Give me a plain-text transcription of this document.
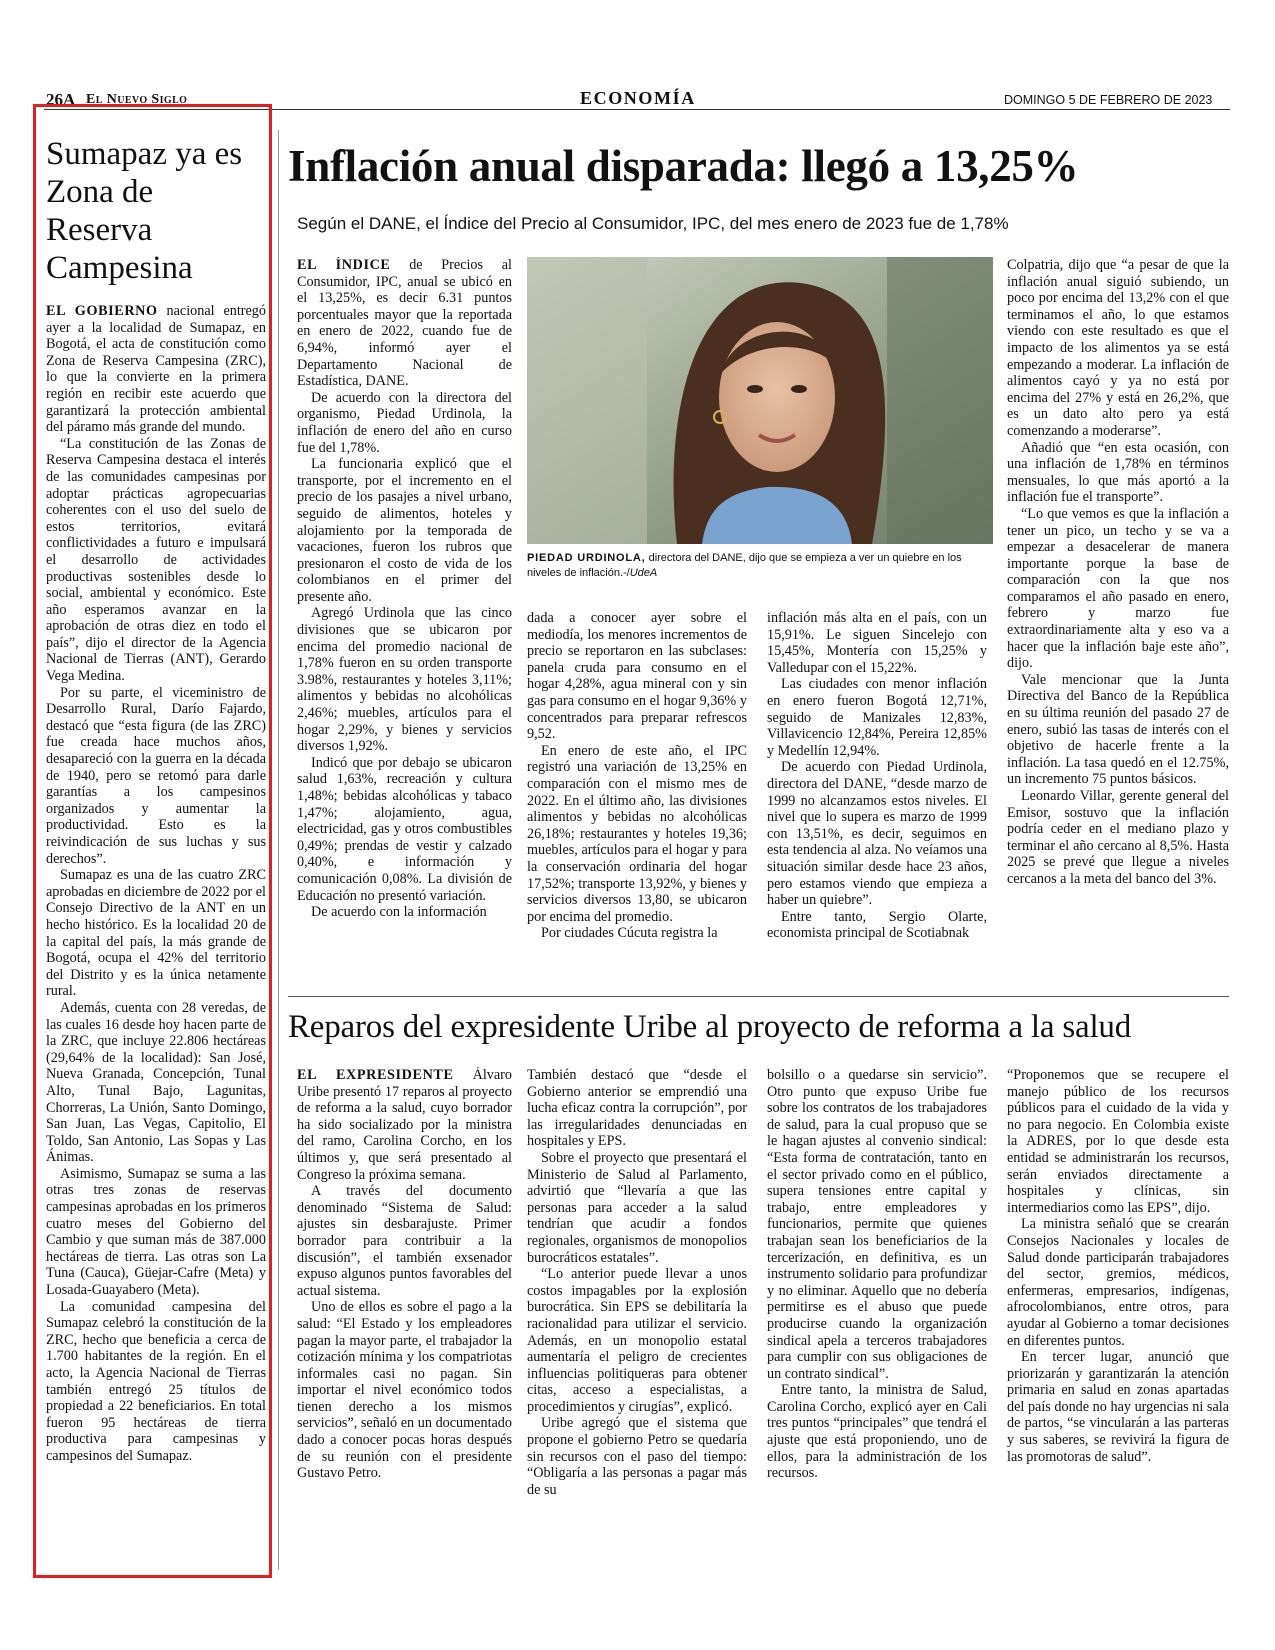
26A El Nuevo Siglo	ECONOMÍA	DOMINGO 5 DE FEBRERO DE 2023
Sumapaz ya es Zona de Reserva Campesina

EL GOBIERNO nacional entregó ayer a la localidad de Sumapaz, en Bogotá, el acta de constitución como Zona de Reserva Campesina (ZRC), lo que la convierte en la primera región en recibir este acuerdo que garantizará la protección ambiental del páramo más grande del mundo.

“La constitución de las Zonas de Reserva Campesina destaca el interés de las comunidades campesinas por adoptar prácticas agropecuarias coherentes con el uso del suelo de estos territorios, evitará conflictividades a futuro e impulsará el desarrollo de actividades productivas sostenibles desde lo social, ambiental y económico. Este año esperamos avanzar en la aprobación de otras diez en todo el país”, dijo el director de la Agencia Nacional de Tierras (ANT), Gerardo Vega Medina.

Por su parte, el viceministro de Desarrollo Rural, Darío Fajardo, destacó que “esta figura (de las ZRC) fue creada hace muchos años, desapareció con la guerra en la década de 1940, pero se retomó para darle garantías a los campesinos organizados y aumentar la productividad. Esto es la reivindicación de sus luchas y sus derechos”.

Sumapaz es una de las cuatro ZRC aprobadas en diciembre de 2022 por el Consejo Directivo de la ANT en un hecho histórico. Es la localidad 20 de la capital del país, la más grande de Bogotá, ocupa el 42% del territorio del Distrito y es la única netamente rural.

Además, cuenta con 28 veredas, de las cuales 16 desde hoy hacen parte de la ZRC, que incluye 22.806 hectáreas (29,64% de la localidad): San José, Nueva Granada, Concepción, Tunal Alto, Tunal Bajo, Lagunitas, Chorreras, La Unión, Santo Domingo, San Juan, Las Vegas, Capitolio, El Toldo, San Antonio, Las Sopas y Las Ánimas.

Asimismo, Sumapaz se suma a las otras tres zonas de reservas campesinas aprobadas en los primeros cuatro meses del Gobierno del Cambio y que suman más de 387.000 hectáreas de tierra. Las otras son La Tuna (Cauca), Güejar-Cafre (Meta) y Losada-Guayabero (Meta).

La comunidad campesina del Sumapaz celebró la constitución de la ZRC, hecho que beneficia a cerca de 1.700 habitantes de la región. En el acto, la Agencia Nacional de Tierras también entregó 25 títulos de propiedad a 22 beneficiarios. En total fueron 95 hectáreas de tierra productiva para campesinas y campesinos del Sumapaz.

Inflación anual disparada: llegó a 13,25%

Según el DANE, el Índice del Precio al Consumidor, IPC, del mes enero de 2023 fue de 1,78%

EL ÍNDICE de Precios al Consumidor, IPC, anual se ubicó en el 13,25%, es decir 6.31 puntos porcentuales mayor que la reportada en enero de 2022, cuando fue de 6,94%, informó ayer el Departamento Nacional de Estadística, DANE.

De acuerdo con la directora del organismo, Piedad Urdinola, la inflación de enero del año en curso fue del 1,78%.

La funcionaria explicó que el transporte, por el incremento en el precio de los pasajes a nivel urbano, seguido de alimentos, hoteles y alojamiento por la temporada de vacaciones, fueron los rubros que presionaron el costo de vida de los colombianos en el primer del presente año.

Agregó Urdinola que las cinco divisiones que se ubicaron por encima del promedio nacional de 1,78% fueron en su orden transporte 3.98%, restaurantes y hoteles 3,11%; alimentos y bebidas no alcohólicas 2,46%; muebles, artículos para el hogar 2,29%, y bienes y servicios diversos 1,92%.

Indicó que por debajo se ubicaron salud 1,63%, recreación y cultura 1,48%; bebidas alcohólicas y tabaco 1,47%; alojamiento, agua, electricidad, gas y otros combustibles 0,49%; prendas de vestir y calzado 0,40%, e información y comunicación 0,08%. La división de Educación no presentó variación.

De acuerdo con la información

PIEDAD URDINOLA, directora del DANE, dijo que se empieza a ver un quiebre en los niveles de inflación.-/UdeA

dada a conocer ayer sobre el mediodía, los menores incrementos de precio se reportaron en las subclases: panela cruda para consumo en el hogar 4,28%, agua mineral con y sin gas para consumo en el hogar 9,36% y concentrados para preparar refrescos 9,52.

En enero de este año, el IPC registró una variación de 13,25% en comparación con el mismo mes de 2022. En el último año, las divisiones alimentos y bebidas no alcohólicas 26,18%; restaurantes y hoteles 19,36; muebles, artículos para el hogar y para la conservación ordinaria del hogar 17,52%; transporte 13,92%, y bienes y servicios diversos 13,80, se ubicaron por encima del promedio.

Por ciudades Cúcuta registra la

inflación más alta en el país, con un 15,91%. Le siguen Sincelejo con 15,45%, Montería con 15,25% y Valledupar con el 15,22%.

Las ciudades con menor inflación en enero fueron Bogotá 12,71%, seguido de Manizales 12,83%, Villavicencio 12,84%, Pereira 12,85% y Medellín 12,94%.

De acuerdo con Piedad Urdinola, directora del DANE, “desde marzo de 1999 no alcanzamos estos niveles. El nivel que lo supera es marzo de 1999 con 13,51%, es decir, seguimos en esta tendencia al alza. No veíamos una situación similar desde hace 23 años, pero estamos viendo que empieza a haber un quiebre”.

Entre tanto, Sergio Olarte, economista principal de Scotiabnak

Colpatria, dijo que “a pesar de que la inflación anual siguió subiendo, un poco por encima del 13,2% con el que terminamos el año, lo que estamos viendo con este resultado es que el impacto de los alimentos ya se está empezando a moderar. La inflación de alimentos cayó y ya no está por encima del 27% y está en 26,2%, que es un dato alto pero ya está comenzando a moderarse”.

Añadió que “en esta ocasión, con una inflación de 1,78% en términos mensuales, lo que más aportó a la inflación fue el transporte”.

“Lo que vemos es que la inflación a tener un pico, un techo y se va a empezar a desacelerar de manera importante porque la base de comparación con la que nos comparamos el año pasado en enero, febrero y marzo fue extraordinariamente alta y eso va a hacer que la inflación baje este año”, dijo.

Vale mencionar que la Junta Directiva del Banco de la República en su última reunión del pasado 27 de enero, subió las tasas de interés con el objetivo de hacerle frente a la inflación. La tasa quedó en el 12.75%, un incremento 75 puntos básicos.

Leonardo Villar, gerente general del Emisor, sostuvo que la inflación podría ceder en el mediano plazo y terminar el año cercano al 8,5%. Hasta 2025 se prevé que llegue a niveles cercanos a la meta del banco del 3%.

Reparos del expresidente Uribe al proyecto de reforma a la salud

EL EXPRESIDENTE Álvaro Uribe presentó 17 reparos al proyecto de reforma a la salud, cuyo borrador ha sido socializado por la ministra del ramo, Carolina Corcho, en los últimos y, que será presentado al Congreso la próxima semana.

A través del documento denominado “Sistema de Salud: ajustes sin desbarajuste. Primer borrador para contribuir a la discusión”, el también exsenador expuso algunos puntos favorables del actual sistema.

Uno de ellos es sobre el pago a la salud: “El Estado y los empleadores pagan la mayor parte, el trabajador la cotización mínima y los compatriotas informales casi no pagan. Sin importar el nivel económico todos tienen derecho a los mismos servicios”, señaló en un documentado dado a conocer pocas horas después de su reunión con el presidente Gustavo Petro.

También destacó que “desde el Gobierno anterior se emprendió una lucha eficaz contra la corrupción”, por las irregularidades denunciadas en hospitales y EPS.

Sobre el proyecto que presentará el Ministerio de Salud al Parlamento, advirtió que “llevaría a que las personas para acceder a la salud tendrían que acudir a fondos regionales, organismos de monopolios burocráticos estatales”.

“Lo anterior puede llevar a unos costos impagables por la explosión burocrática. Sin EPS se debilitaría la racionalidad para utilizar el servicio. Además, en un monopolio estatal aumentaría el peligro de crecientes influencias politiqueras para obtener citas, acceso a especialistas, a procedimientos y cirugías”, explicó.

Uribe agregó que el sistema que propone el gobierno Petro se quedaría sin recursos con el paso del tiempo: “Obligaría a las personas a pagar más de su

bolsillo o a quedarse sin servicio”. Otro punto que expuso Uribe fue sobre los contratos de los trabajadores de salud, para la cual propuso que se le hagan ajustes al convenio sindical: “Esta forma de contratación, tanto en el sector privado como en el público, supera tensiones entre capital y trabajo, entre empleadores y funcionarios, permite que quienes trabajan sean los beneficiarios de la tercerización, en definitiva, es un instrumento solidario para profundizar y no eliminar. Aquello que no debería permitirse es el abuso que puede producirse cuando la organización sindical apela a terceros trabajadores para cumplir con sus obligaciones de un contrato sindical”.

Entre tanto, la ministra de Salud, Carolina Corcho, explicó ayer en Cali tres puntos “principales” que tendrá el ajuste que está proponiendo, uno de ellos, para la administración de los recursos.

“Proponemos que se recupere el manejo público de los recursos públicos para el cuidado de la vida y no para negocio. En Colombia existe la ADRES, por lo que desde esta entidad se administrarán los recursos, serán enviados directamente a hospitales y clínicas, sin intermediarios como las EPS”, dijo.

La ministra señaló que se crearán Consejos Nacionales y locales de Salud donde participarán trabajadores del sector, gremios, médicos, enfermeras, empresarios, indígenas, afrocolombianos, entre otros, para ayudar al Gobierno a tomar decisiones en diferentes puntos.

En tercer lugar, anunció que priorizarán y garantizarán la atención primaria en salud en zonas apartadas del país donde no hay urgencias ni sala de partos, “se vincularán a las parteras y sus saberes, se revivirá la figura de las promotoras de salud”.
